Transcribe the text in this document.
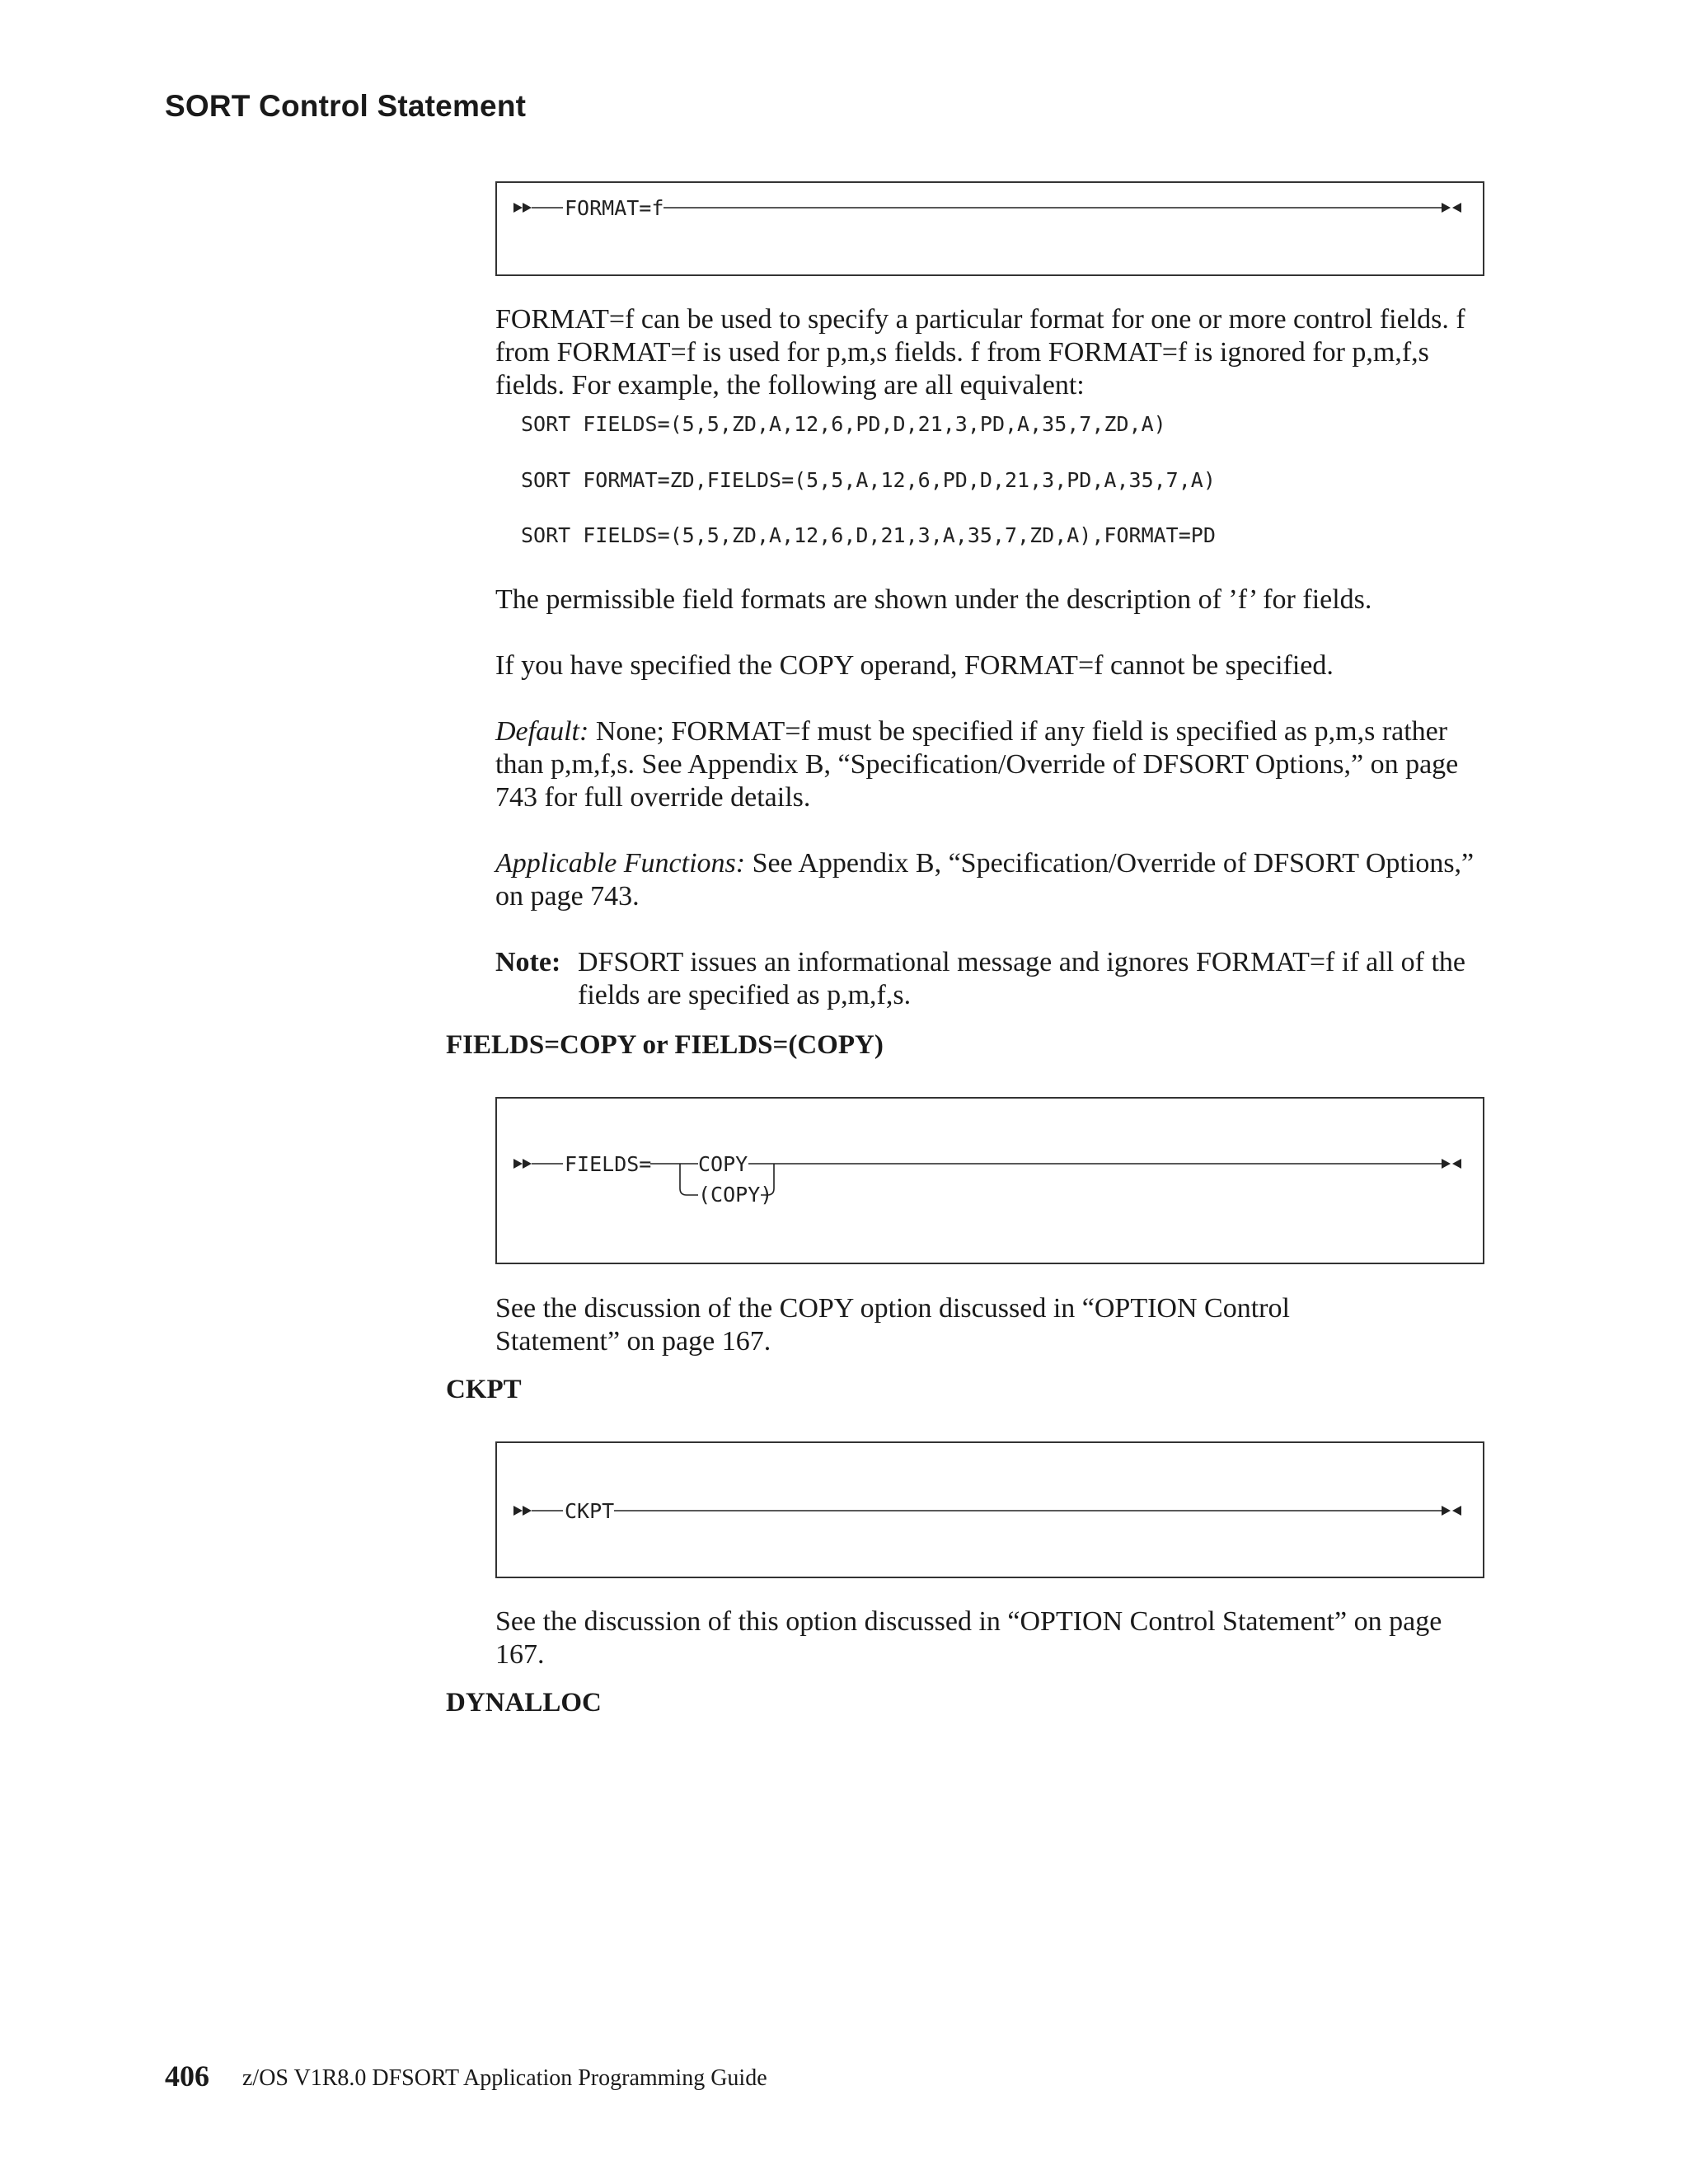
SORT Control Statement
FORMAT=f
FORMAT=f can be used to specify a particular format for one or more control fields. f from FORMAT=f is used for p,m,s fields. f from FORMAT=f is ignored for p,m,f,s fields. For example, the following are all equivalent:
SORT FIELDS=(5,5,ZD,A,12,6,PD,D,21,3,PD,A,35,7,ZD,A)
SORT FORMAT=ZD,FIELDS=(5,5,A,12,6,PD,D,21,3,PD,A,35,7,A)
SORT FIELDS=(5,5,ZD,A,12,6,D,21,3,A,35,7,ZD,A),FORMAT=PD
The permissible field formats are shown under the description of ’f’ for fields.
If you have specified the COPY operand, FORMAT=f cannot be specified.
Default: None; FORMAT=f must be specified if any field is specified as p,m,s rather than p,m,f,s. See Appendix B, “Specification/Override of DFSORT Options,” on page 743 for full override details.
Applicable Functions: See Appendix B, “Specification/Override of DFSORT Options,” on page 743.
Note: DFSORT issues an informational message and ignores FORMAT=f if all of the fields are specified as p,m,f,s.
FIELDS=COPY or FIELDS=(COPY)
FIELDS= COPY
(COPY)
See the discussion of the COPY option discussed in “OPTION Control Statement” on page 167.
CKPT
CKPT
See the discussion of this option discussed in “OPTION Control Statement” on page 167.
DYNALLOC
406 z/OS V1R8.0 DFSORT Application Programming Guide
